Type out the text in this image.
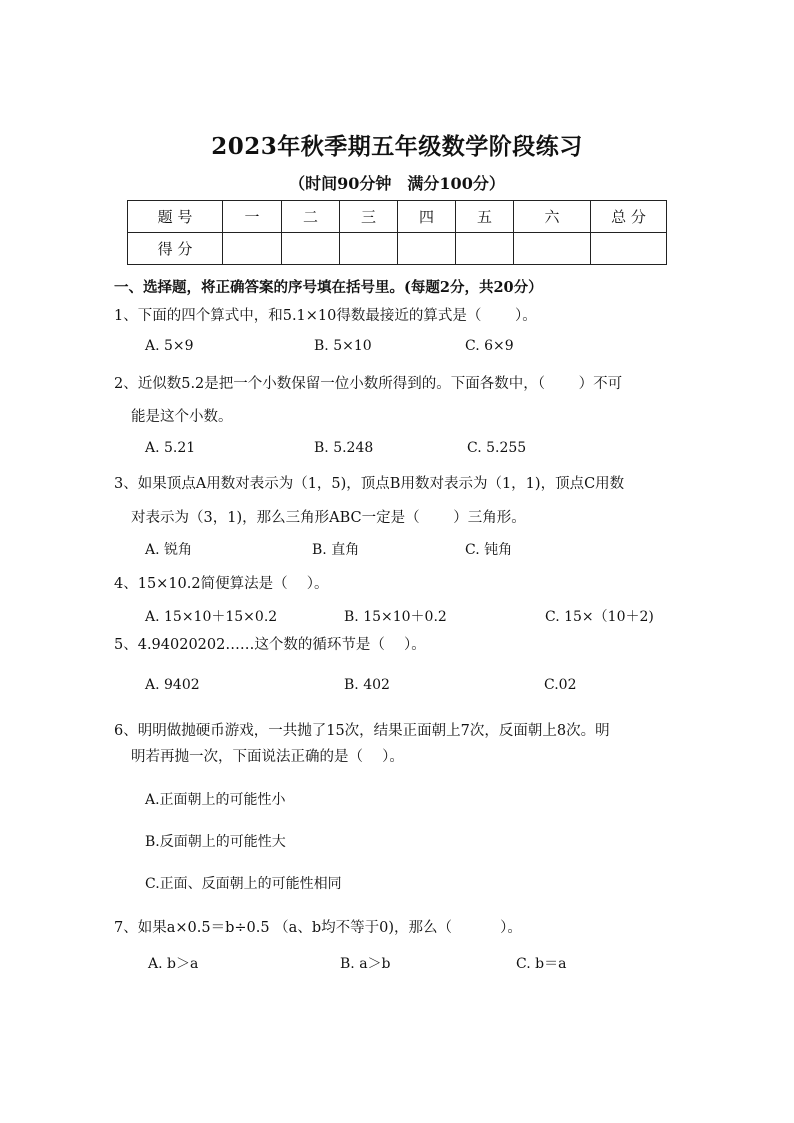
2023年秋季期五年级数学阶段练习
（时间90分钟　满分100分）
题 号	一	二	三	四	五	六	总 分
得 分							
一、选择题，将正确答案的序号填在括号里。(每题2分，共20分）
1、下面的四个算式中，和5.1×10得数最接近的算式是（　　 ）。
A. 5×9	B. 5×10	C. 6×9
2、近似数5.2是把一个小数保留一位小数所得到的。下面各数中，（　　 ）不可
能是这个小数。
A. 5.21	B. 5.248	C. 5.255
3、如果顶点A用数对表示为（1，5)，顶点B用数对表示为（1，1)，顶点C用数
对表示为（3，1)，那么三角形ABC一定是（　　 ）三角形。
A. 锐角	B. 直角	C. 钝角
4、15×10.2简便算法是（　 ）。
A. 15×10＋15×0.2	B. 15×10＋0.2	C. 15×（10＋2)
5、4.94020202……这个数的循环节是（　 ）。
A. 9402	B. 402	C.02
6、明明做抛硬币游戏，一共抛了15次，结果正面朝上7次，反面朝上8次。明
明若再抛一次，下面说法正确的是（　 ）。
A.正面朝上的可能性小
B.反面朝上的可能性大
C.正面、反面朝上的可能性相同
7、如果a×0.5＝b÷0.5 （a、b均不等于0)，那么（　　　 ）。
A. b＞a	B. a＞b	C. b＝a
